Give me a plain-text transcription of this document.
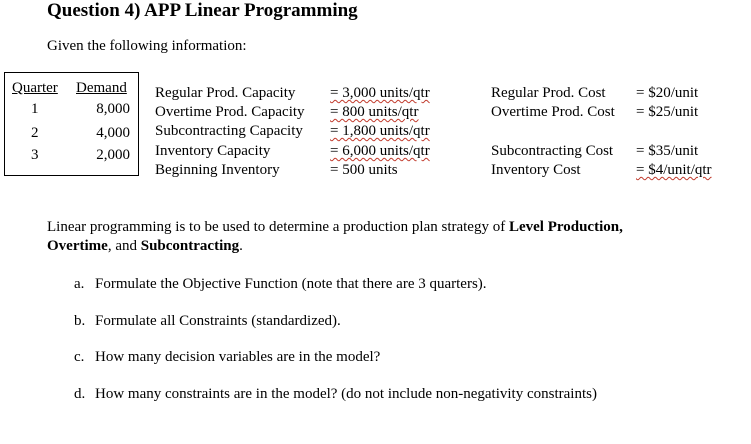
Question 4) APP Linear Programming
Given the following information:
Quarter Demand
1	8,000
2	4,000
3	2,000
Regular Prod. Capacity = 3,000 units/qtr
Overtime Prod. Capacity = 800 units/qtr
Subcontracting Capacity = 1,800 units/qtr
Inventory Capacity	= 6,000 units/qtr
Beginning Inventory	= 500 units
Regular Prod. Cost = $20/unit
Overtime Prod. Cost = $25/unit
Subcontracting Cost = $35/unit
Inventory Cost	= $4/unit/qtr
Linear programming is to be used to determine a production plan strategy of Level Production,
Overtime, and Subcontracting.
a. Formulate the Objective Function (note that there are 3 quarters).
b. Formulate all Constraints (standardized).
c. How many decision variables are in the model?
d. How many constraints are in the model? (do not include non-negativity constraints)
